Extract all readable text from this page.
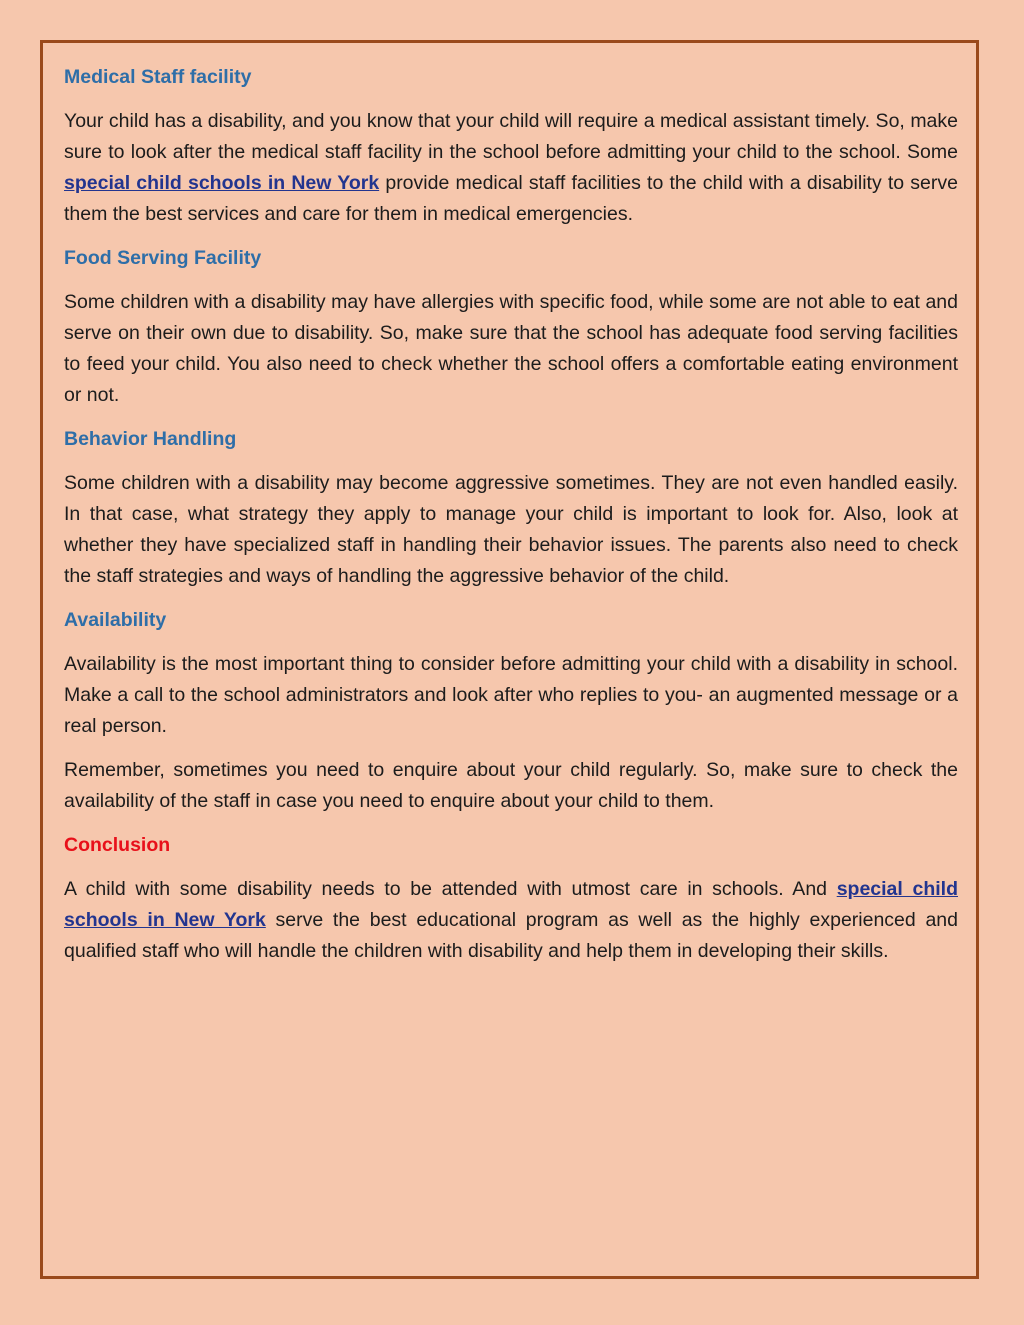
Medical Staff facility

Your child has a disability, and you know that your child will require a medical assistant timely. So, make sure to look after the medical staff facility in the school before admitting your child to the school. Some special child schools in New York provide medical staff facilities to the child with a disability to serve them the best services and care for them in medical emergencies.

Food Serving Facility

Some children with a disability may have allergies with specific food, while some are not able to eat and serve on their own due to disability. So, make sure that the school has adequate food serving facilities to feed your child. You also need to check whether the school offers a comfortable eating environment or not.

Behavior Handling

Some children with a disability may become aggressive sometimes. They are not even handled easily. In that case, what strategy they apply to manage your child is important to look for. Also, look at whether they have specialized staff in handling their behavior issues. The parents also need to check the staff strategies and ways of handling the aggressive behavior of the child.

Availability

Availability is the most important thing to consider before admitting your child with a disability in school. Make a call to the school administrators and look after who replies to you- an augmented message or a real person.

Remember, sometimes you need to enquire about your child regularly. So, make sure to check the availability of the staff in case you need to enquire about your child to them.

Conclusion

A child with some disability needs to be attended with utmost care in schools. And special child schools in New York serve the best educational program as well as the highly experienced and qualified staff who will handle the children with disability and help them in developing their skills.
